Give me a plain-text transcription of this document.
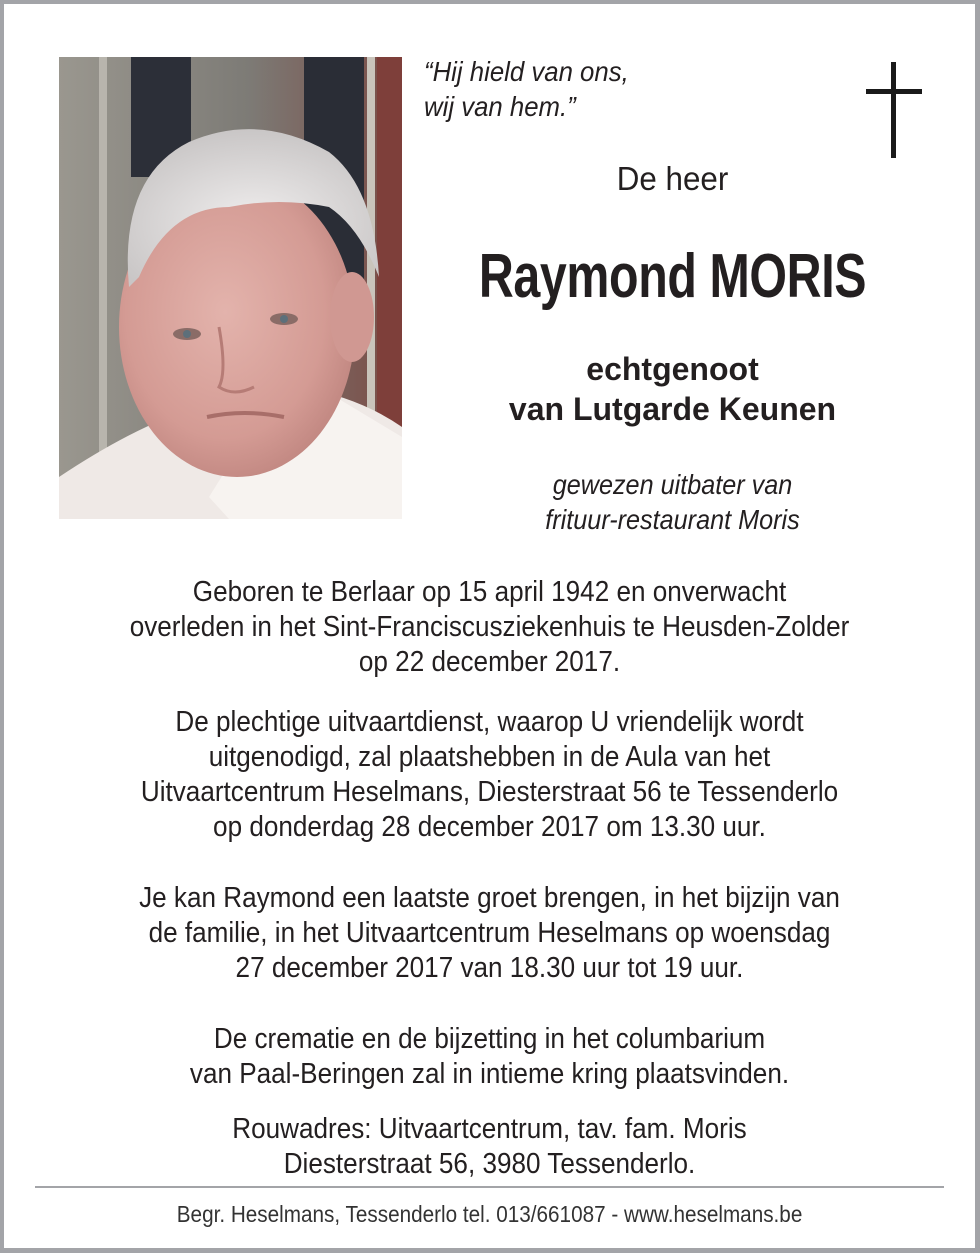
“Hij hield van ons,
wij van hem.”
De heer
Raymond MORIS
echtgenoot
van Lutgarde Keunen
gewezen uitbater van
frituur-restaurant Moris
Geboren te Berlaar op 15 april 1942 en onverwacht
overleden in het Sint-Franciscusziekenhuis te Heusden-Zolder
op 22 december 2017.
De plechtige uitvaartdienst, waarop U vriendelijk wordt
uitgenodigd, zal plaatshebben in de Aula van het
Uitvaartcentrum Heselmans, Diesterstraat 56 te Tessenderlo
op donderdag 28 december 2017 om 13.30 uur.
Je kan Raymond een laatste groet brengen, in het bijzijn van
de familie, in het Uitvaartcentrum Heselmans op woensdag
27 december 2017 van 18.30 uur tot 19 uur.
De crematie en de bijzetting in het columbarium
van Paal-Beringen zal in intieme kring plaatsvinden.
Rouwadres: Uitvaartcentrum, tav. fam. Moris
Diesterstraat 56, 3980 Tessenderlo.
Begr. Heselmans, Tessenderlo tel. 013/661087 - www.heselmans.be
